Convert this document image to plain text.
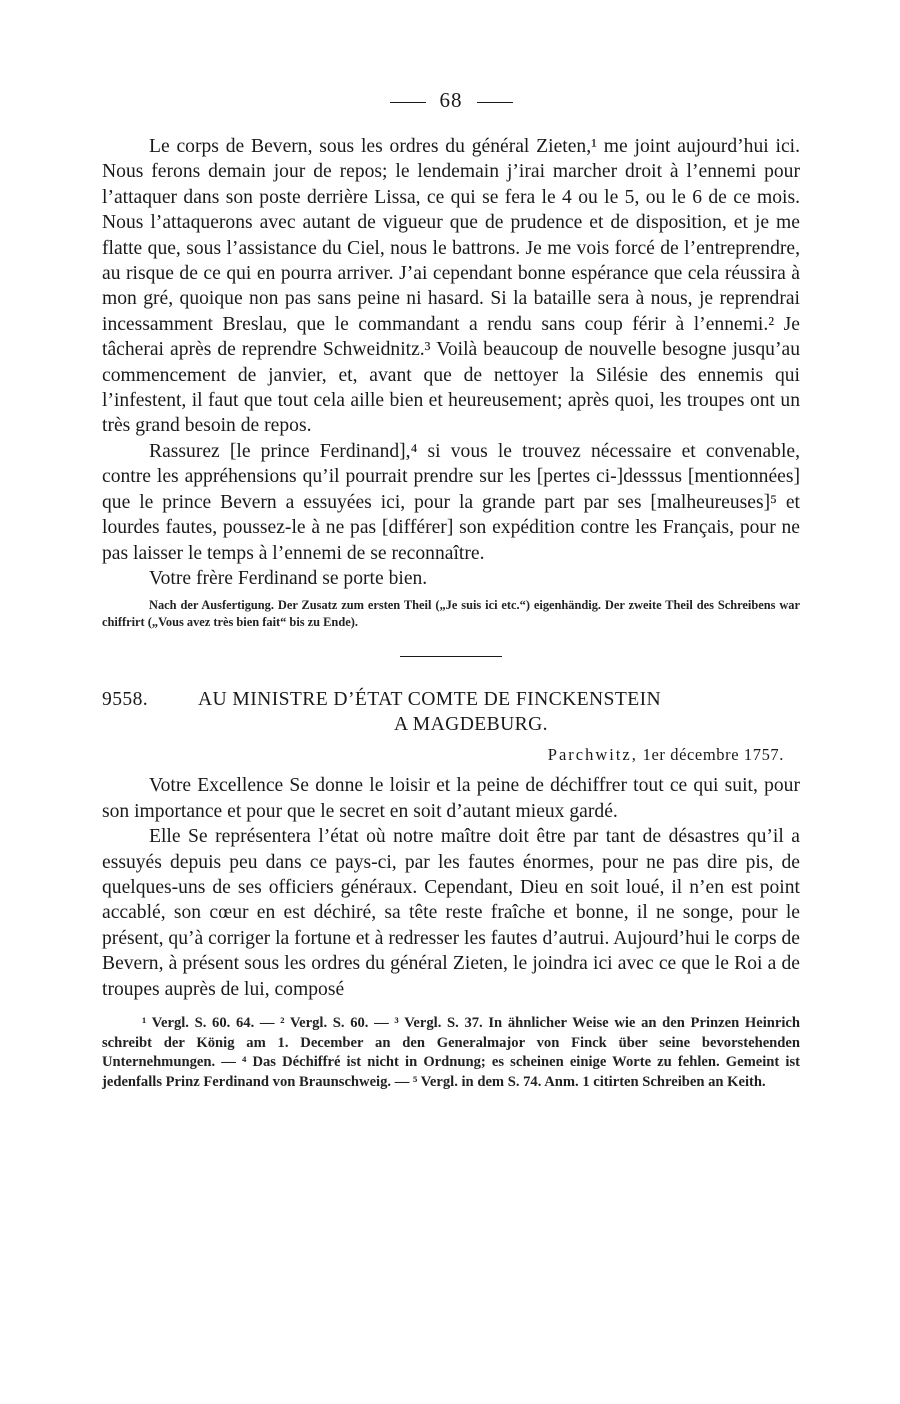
68

Le corps de Bevern, sous les ordres du général Zieten,¹ me joint aujourd’hui ici. Nous ferons demain jour de repos; le lendemain j’irai marcher droit à l’ennemi pour l’attaquer dans son poste derrière Lissa, ce qui se fera le 4 ou le 5, ou le 6 de ce mois. Nous l’attaquerons avec autant de vigueur que de prudence et de disposition, et je me flatte que, sous l’assistance du Ciel, nous le battrons. Je me vois forcé de l’entreprendre, au risque de ce qui en pourra arriver. J’ai cependant bonne espérance que cela réussira à mon gré, quoique non pas sans peine ni hasard. Si la bataille sera à nous, je reprendrai incessamment Breslau, que le commandant a rendu sans coup férir à l’ennemi.² Je tâcherai après de reprendre Schweidnitz.³ Voilà beaucoup de nouvelle besogne jusqu’au commencement de janvier, et, avant que de nettoyer la Silésie des ennemis qui l’infestent, il faut que tout cela aille bien et heureusement; après quoi, les troupes ont un très grand besoin de repos.

Rassurez [le prince Ferdinand],⁴ si vous le trouvez nécessaire et convenable, contre les appréhensions qu’il pourrait prendre sur les [pertes ci-]desssus [mentionnées] que le prince Bevern a essuyées ici, pour la grande part par ses [malheureuses]⁵ et lourdes fautes, poussez-le à ne pas [différer] son expédition contre les Français, pour ne pas laisser le temps à l’ennemi de se reconnaître.

Votre frère Ferdinand se porte bien.

Nach der Ausfertigung. Der Zusatz zum ersten Theil („Je suis ici etc.“) eigenhändig. Der zweite Theil des Schreibens war chiffrirt („Vous avez très bien fait“ bis zu Ende).

9558.	AU MINISTRE D’ÉTAT COMTE DE FINCKENSTEIN
A MAGDEBURG.
Parchwitz, 1er décembre 1757.

Votre Excellence Se donne le loisir et la peine de déchiffrer tout ce qui suit, pour son importance et pour que le secret en soit d’autant mieux gardé.

Elle Se représentera l’état où notre maître doit être par tant de désastres qu’il a essuyés depuis peu dans ce pays-ci, par les fautes énormes, pour ne pas dire pis, de quelques-uns de ses officiers généraux. Cependant, Dieu en soit loué, il n’en est point accablé, son cœur en est déchiré, sa tête reste fraîche et bonne, il ne songe, pour le présent, qu’à corriger la fortune et à redresser les fautes d’autrui. Aujourd’hui le corps de Bevern, à présent sous les ordres du général Zieten, le joindra ici avec ce que le Roi a de troupes auprès de lui, composé

¹ Vergl. S. 60. 64. — ² Vergl. S. 60. — ³ Vergl. S. 37. In ähnlicher Weise wie an den Prinzen Heinrich schreibt der König am 1. December an den Generalmajor von Finck über seine bevorstehenden Unternehmungen. — ⁴ Das Déchiffré ist nicht in Ordnung; es scheinen einige Worte zu fehlen. Gemeint ist jedenfalls Prinz Ferdinand von Braunschweig. — ⁵ Vergl. in dem S. 74. Anm. 1 citirten Schreiben an Keith.
